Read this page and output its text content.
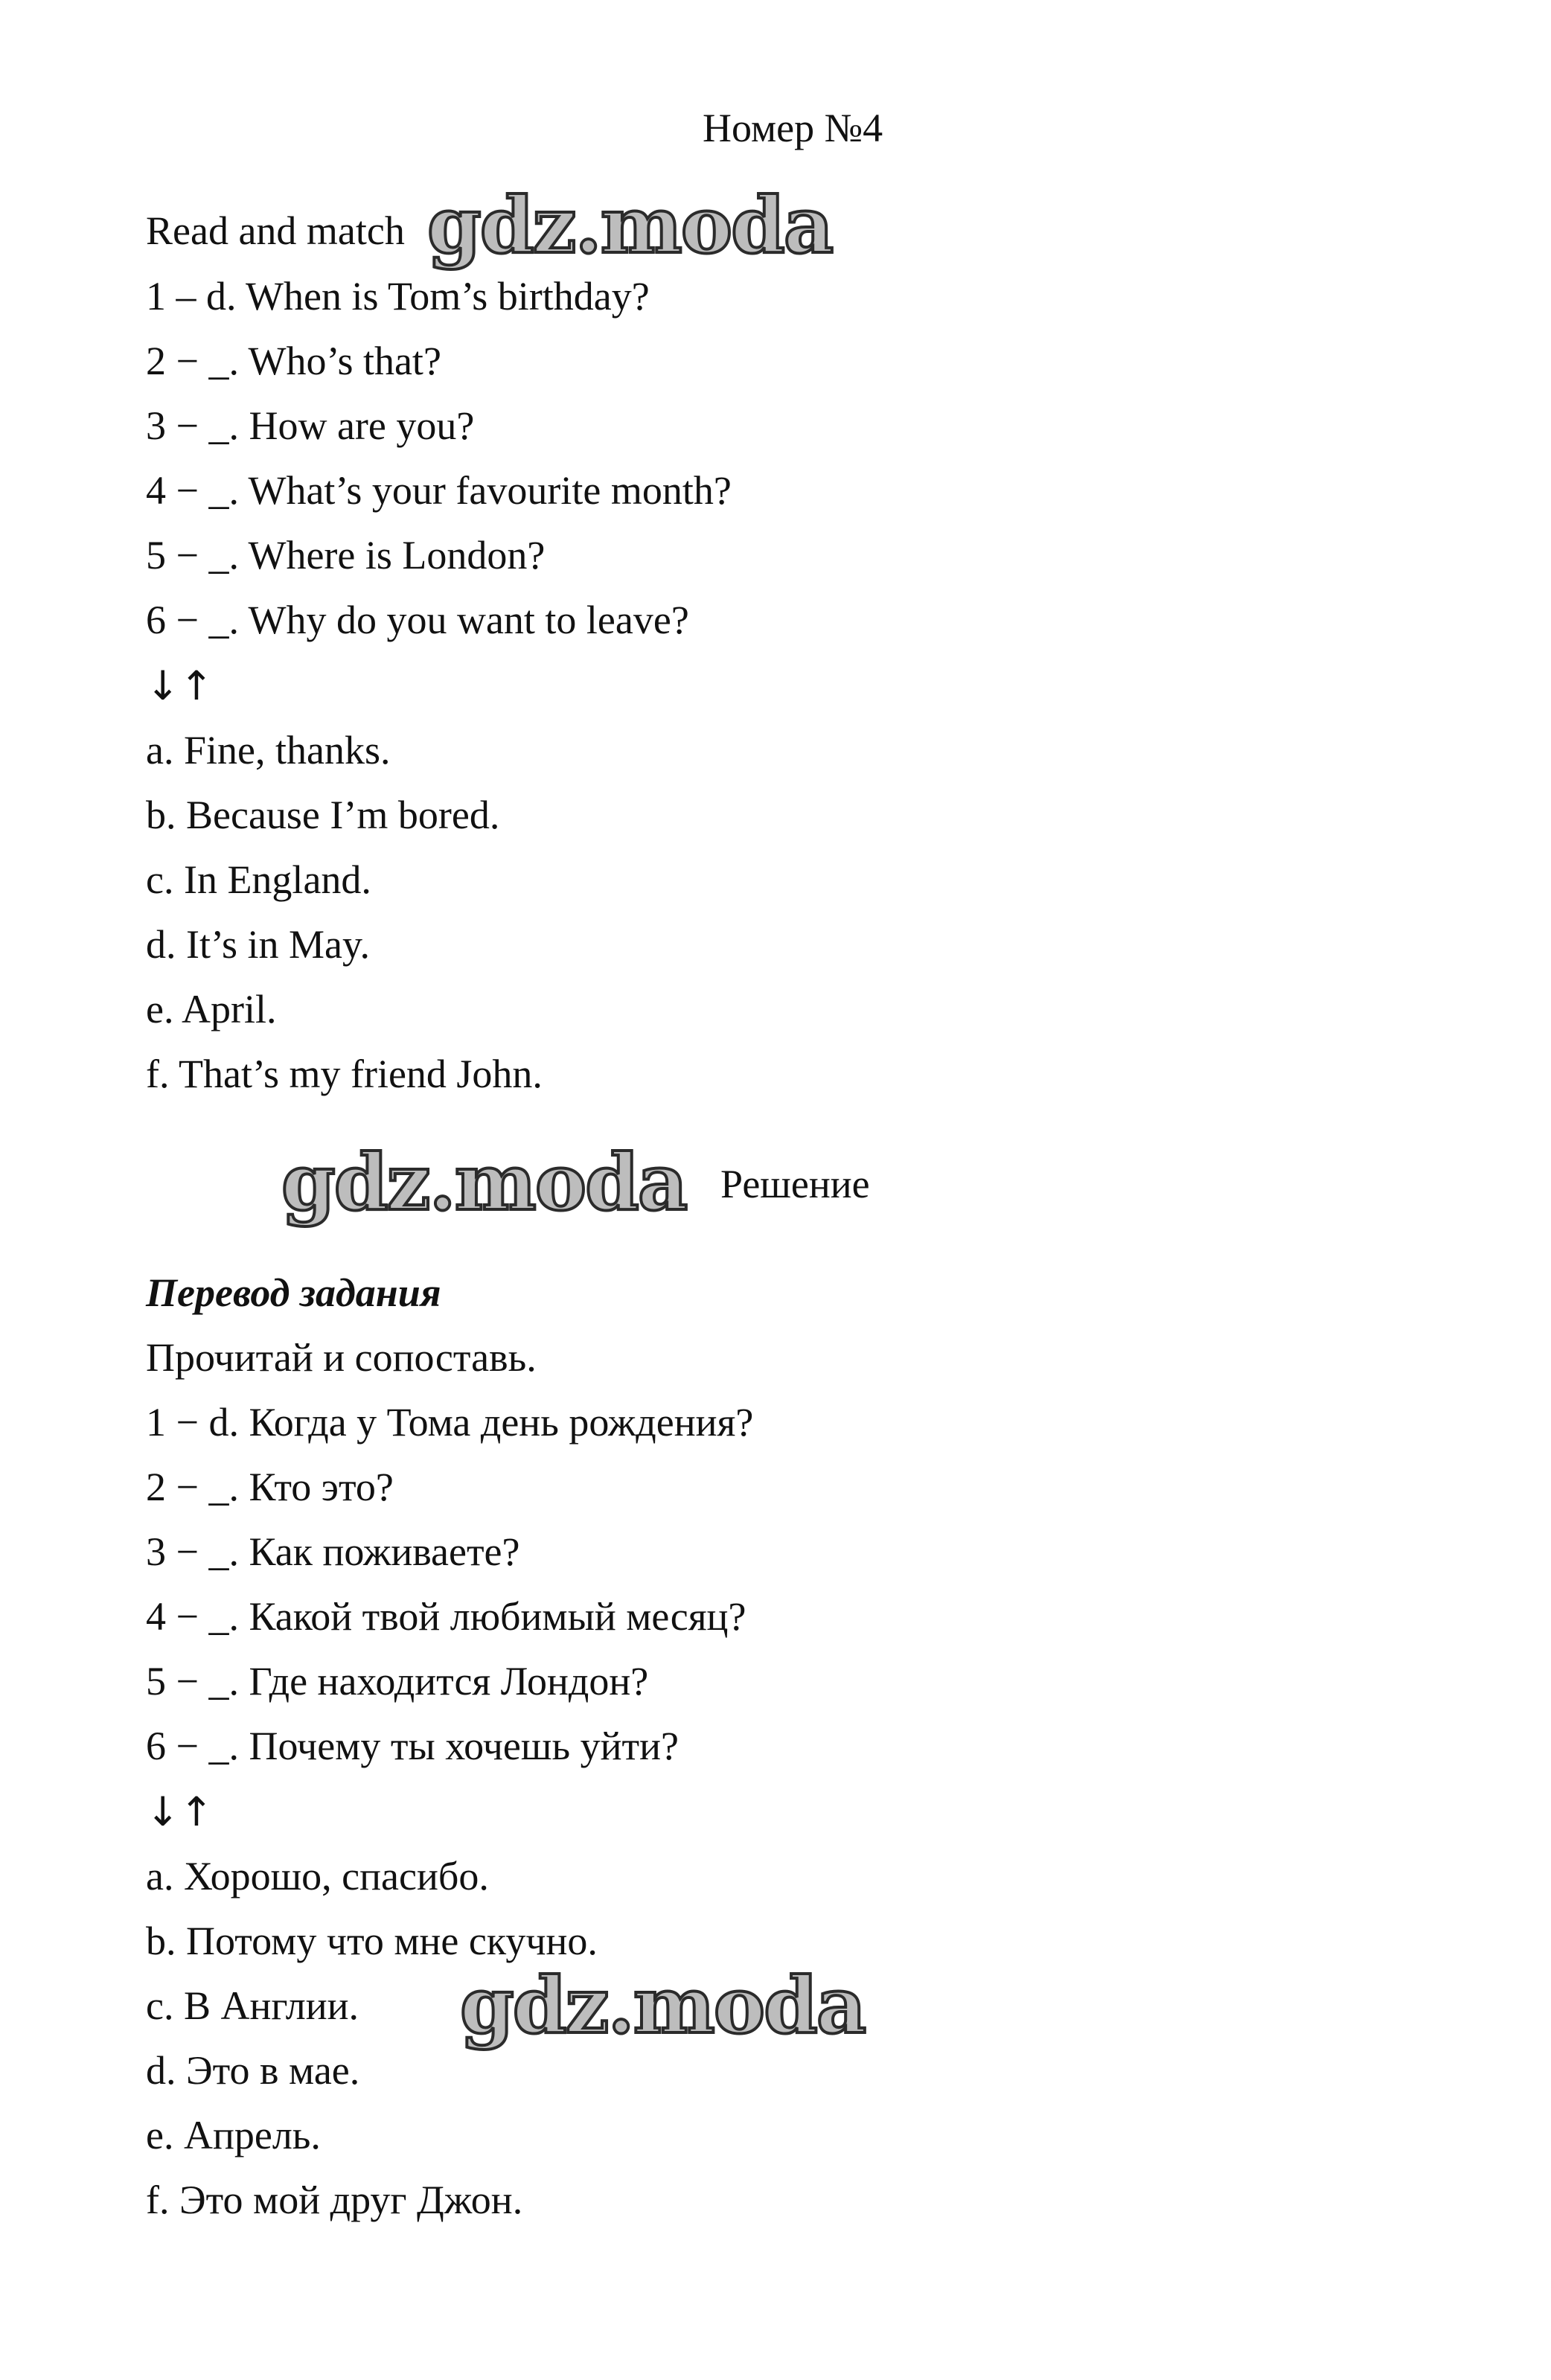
Номер №4
Read and match gdz.moda
1 – d. When is Tom’s birthday?
2 − _. Who’s that?
3 − _. How are you?
4 − _. What’s your favourite month?
5 − _. Where is London?
6 − _. Why do you want to leave?
↓↑
a. Fine, thanks.
b. Because I’m bored.
c. In England.
d. It’s in May.
e. April.
f. That’s my friend John.
gdz.moda Решение
Перевод задания
Прочитай и сопоставь.
1 − d. Когда у Тома день рождения?
2 − _. Кто это?
3 − _. Как поживаете?
4 − _. Какой твой любимый месяц?
5 − _. Где находится Лондон?
6 − _. Почему ты хочешь уйти?
↓↑
a. Хорошо, спасибо.
b. Потому что мне скучно.
c. В Англии.
d. Это в мае.
e. Апрель.
f. Это мой друг Джон.
gdz.moda
